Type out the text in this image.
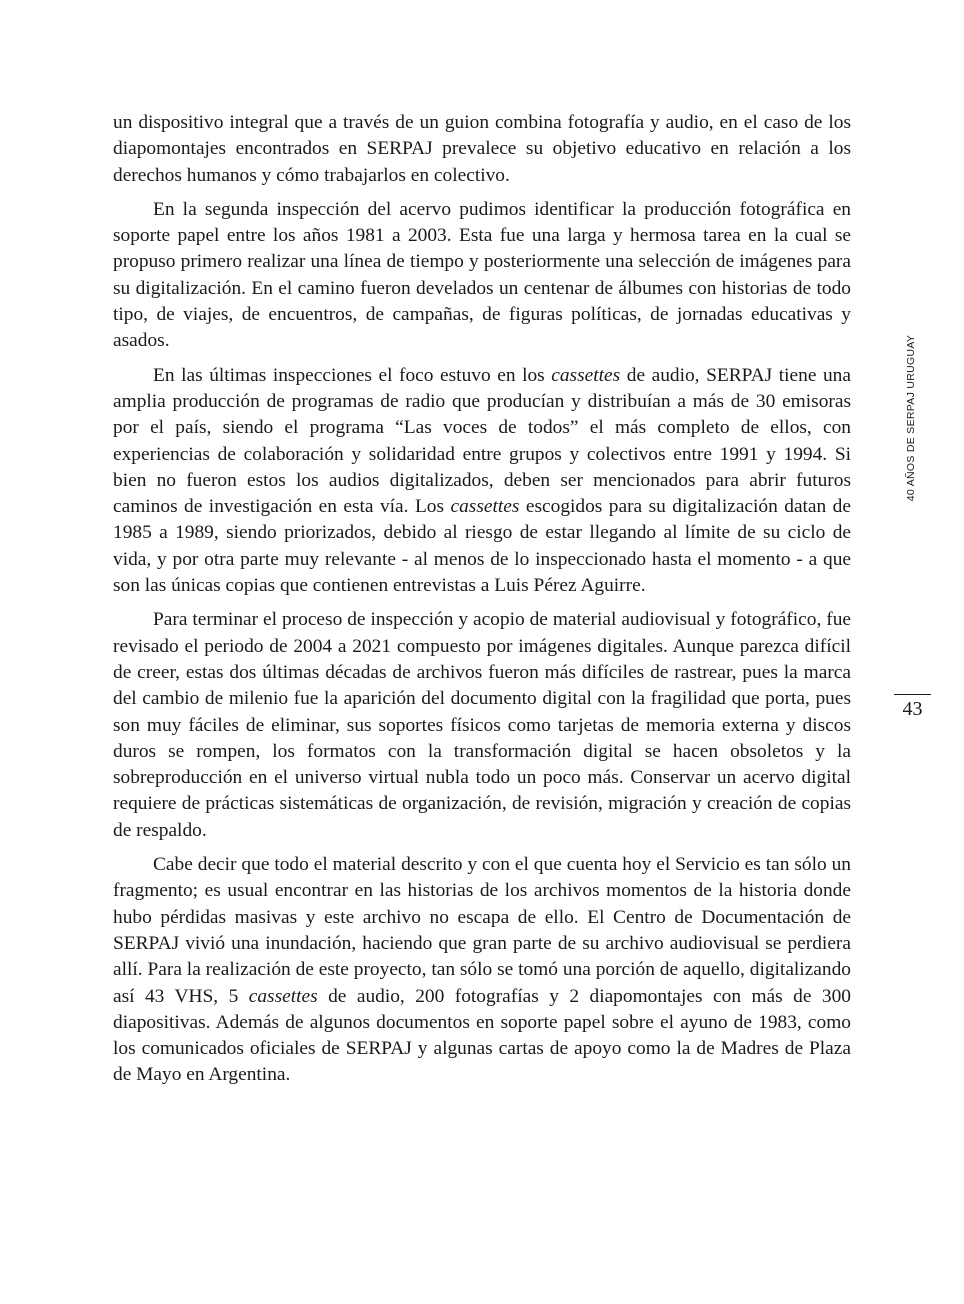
un dispositivo integral que a través de un guion combina fotografía y audio, en el caso de los diapomontajes encontrados en SERPAJ prevalece su objetivo educativo en relación a los derechos humanos y cómo trabajarlos en colectivo.

En la segunda inspección del acervo pudimos identificar la producción fotográfica en soporte papel entre los años 1981 a 2003. Esta fue una larga y hermosa tarea en la cual se propuso primero realizar una línea de tiempo y posteriormente una selección de imágenes para su digitalización. En el camino fueron develados un centenar de álbumes con historias de todo tipo, de viajes, de encuentros, de campañas, de figuras políticas, de jornadas educativas y asados.

En las últimas inspecciones el foco estuvo en los cassettes de audio, SERPAJ tiene una amplia producción de programas de radio que producían y distribuían a más de 30 emisoras por el país, siendo el programa “Las voces de todos” el más completo de ellos, con experiencias de colaboración y solidaridad entre grupos y colectivos entre 1991 y 1994. Si bien no fueron estos los audios digitalizados, deben ser mencionados para abrir futuros caminos de investigación en esta vía. Los cassettes escogidos para su digitalización datan de 1985 a 1989, siendo priorizados, debido al riesgo de estar llegando al límite de su ciclo de vida, y por otra parte muy relevante - al menos de lo inspeccionado hasta el momento - a que son las únicas copias que contienen entrevistas a Luis Pérez Aguirre.

Para terminar el proceso de inspección y acopio de material audiovisual y fotográfico, fue revisado el periodo de 2004 a 2021 compuesto por imágenes digitales. Aunque parezca difícil de creer, estas dos últimas décadas de archivos fueron más difíciles de rastrear, pues la marca del cambio de milenio fue la aparición del documento digital con la fragilidad que porta, pues son muy fáciles de eliminar, sus soportes físicos como tarjetas de memoria externa y discos duros se rompen, los formatos con la transformación digital se hacen obsoletos y la sobreproducción en el universo virtual nubla todo un poco más. Conservar un acervo digital requiere de prácticas sistemáticas de organización, de revisión, migración y creación de copias de respaldo.

Cabe decir que todo el material descrito y con el que cuenta hoy el Servicio es tan sólo un fragmento; es usual encontrar en las historias de los archivos momentos de la historia donde hubo pérdidas masivas y este archivo no escapa de ello. El Centro de Documentación de SERPAJ vivió una inundación, haciendo que gran parte de su archivo audiovisual se perdiera allí. Para la realización de este proyecto, tan sólo se tomó una porción de aquello, digitalizando así 43 VHS, 5 cassettes de audio, 200 fotografías y 2 diapomontajes con más de 300 diapositivas. Además de algunos documentos en soporte papel sobre el ayuno de 1983, como los comunicados oficiales de SERPAJ y algunas cartas de apoyo como la de Madres de Plaza de Mayo en Argentina.

40 AÑOS DE SERPAJ URUGUAY
43
